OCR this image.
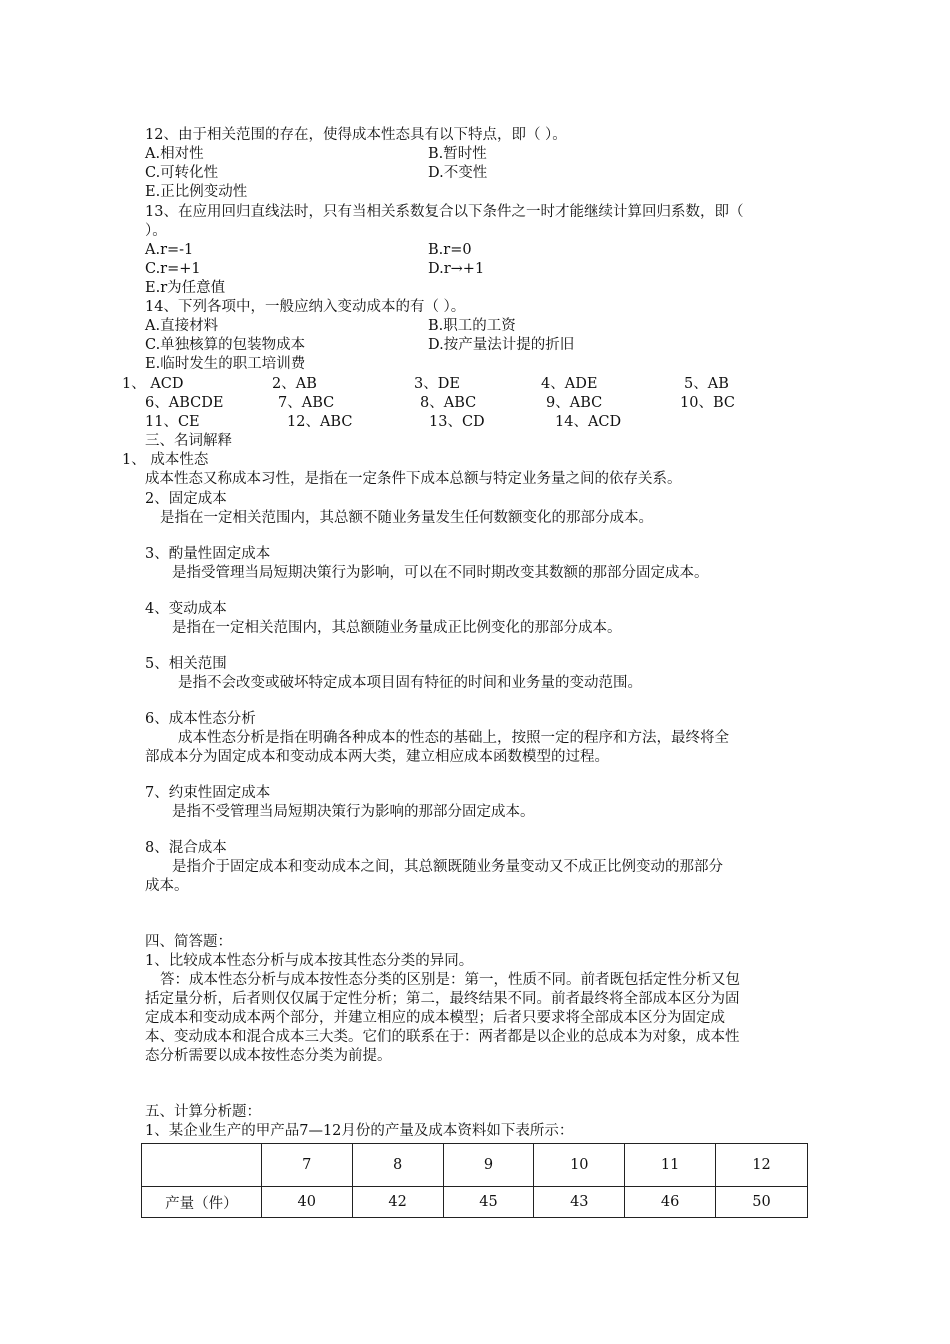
12、由于相关范围的存在，使得成本性态具有以下特点，即（ ）。
A.相对性	B.暂时性
C.可转化性	D.不变性
E.正比例变动性
13、在应用回归直线法时，只有当相关系数复合以下条件之一时才能继续计算回归系数，即（
）。
A.r=-1	B.r=0
C.r=+1	D.r→+1
E.r为任意值
14、下列各项中，一般应纳入变动成本的有（ ）。
A.直接材料	B.职工的工资
C.单独核算的包装物成本	D.按产量法计提的折旧
E.临时发生的职工培训费
1、 ACD	2、AB	3、DE	4、ADE	5、AB
6、ABCDE	7、ABC	8、ABC	9、ABC	10、BC
11、CE	12、ABC	13、CD	14、ACD
三、名词解释
1、 成本性态
成本性态又称成本习性，是指在一定条件下成本总额与特定业务量之间的依存关系。
2、固定成本
是指在一定相关范围内，其总额不随业务量发生任何数额变化的那部分成本。
3、酌量性固定成本
是指受管理当局短期决策行为影响，可以在不同时期改变其数额的那部分固定成本。
4、变动成本
是指在一定相关范围内，其总额随业务量成正比例变化的那部分成本。
5、相关范围
是指不会改变或破坏特定成本项目固有特征的时间和业务量的变动范围。
6、成本性态分析
成本性态分析是指在明确各种成本的性态的基础上，按照一定的程序和方法，最终将全
部成本分为固定成本和变动成本两大类，建立相应成本函数模型的过程。
7、约束性固定成本
是指不受管理当局短期决策行为影响的那部分固定成本。
8、混合成本
是指介于固定成本和变动成本之间，其总额既随业务量变动又不成正比例变动的那部分
成本。
四、简答题：
1、比较成本性态分析与成本按其性态分类的异同。
答：成本性态分析与成本按性态分类的区别是：第一，性质不同。前者既包括定性分析又包
括定量分析，后者则仅仅属于定性分析；第二，最终结果不同。前者最终将全部成本区分为固
定成本和变动成本两个部分，并建立相应的成本模型；后者只要求将全部成本区分为固定成
本、变动成本和混合成本三大类。它们的联系在于：两者都是以企业的总成本为对象，成本性
态分析需要以成本按性态分类为前提。
五、计算分析题：
1、某企业生产的甲产品7—12月份的产量及成本资料如下表所示：
	7	8	9	10	11	12
产量（件）	40	42	45	43	46	50
